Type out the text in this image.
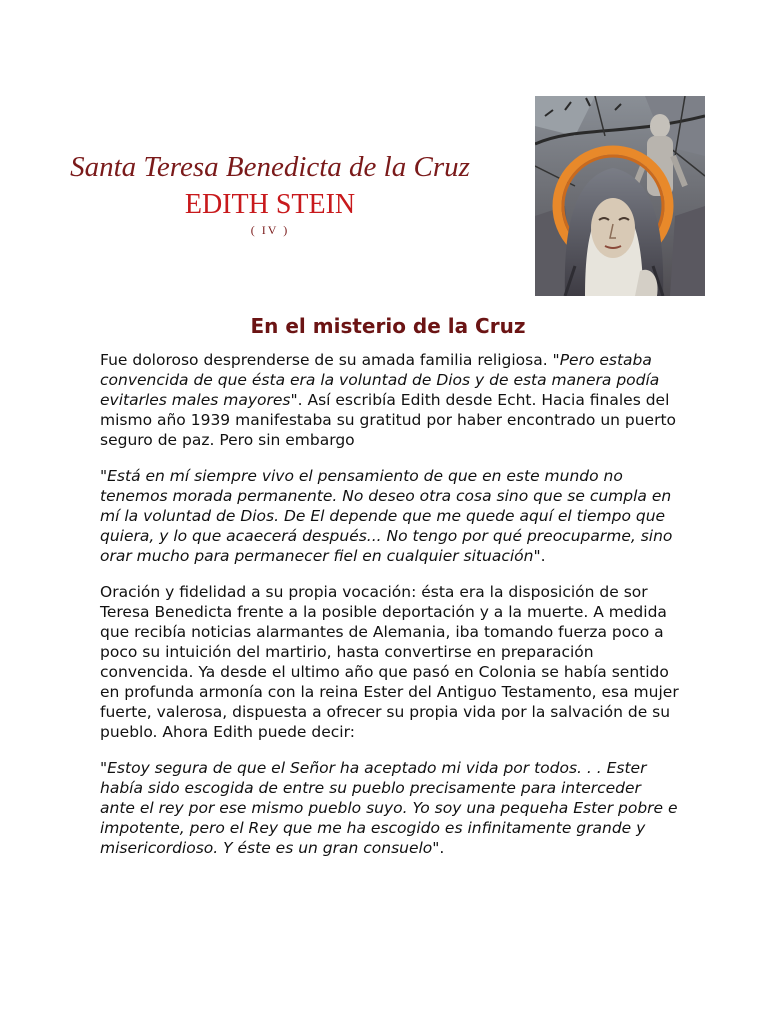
Santa Teresa Benedicta de la Cruz
EDITH STEIN
( IV )
En el misterio de la Cruz

Fue doloroso desprenderse de su amada familia religiosa. "Pero estaba convencida de que ésta era la voluntad de Dios y de esta manera podía evitarles males mayores". Así escribía Edith desde Echt. Hacia finales del mismo año 1939 manifestaba su gratitud por haber encontrado un puerto seguro de paz. Pero sin embargo

"Está en mí siempre vivo el pensamiento de que en este mundo no tenemos morada permanente. No deseo otra cosa sino que se cumpla en mí la voluntad de Dios. De El depende que me quede aquí el tiempo que quiera, y lo que acaecerá después... No tengo por qué preocuparme, sino orar mucho para permanecer fiel en cualquier situación".

Oración y fidelidad a su propia vocación: ésta era la disposición de sor Teresa Benedicta frente a la posible deportación y a la muerte. A medida que recibía noticias alarmantes de Alemania, iba tomando fuerza poco a poco su intuición del martirio, hasta convertirse en preparación convencida. Ya desde el ultimo año que pasó en Colonia se había sentido en profunda armonía con la reina Ester del Antiguo Testamento, esa mujer fuerte, valerosa, dispuesta a ofrecer su propia vida por la salvación de su pueblo. Ahora Edith puede decir:

"Estoy segura de que el Señor ha aceptado mi vida por todos. . . Ester había sido escogida de entre su pueblo precisamente para interceder ante el rey por ese mismo pueblo suyo. Yo soy una pequeha Ester pobre e impotente, pero el Rey que me ha escogido es infinitamente grande y misericordioso. Y éste es un gran consuelo".
